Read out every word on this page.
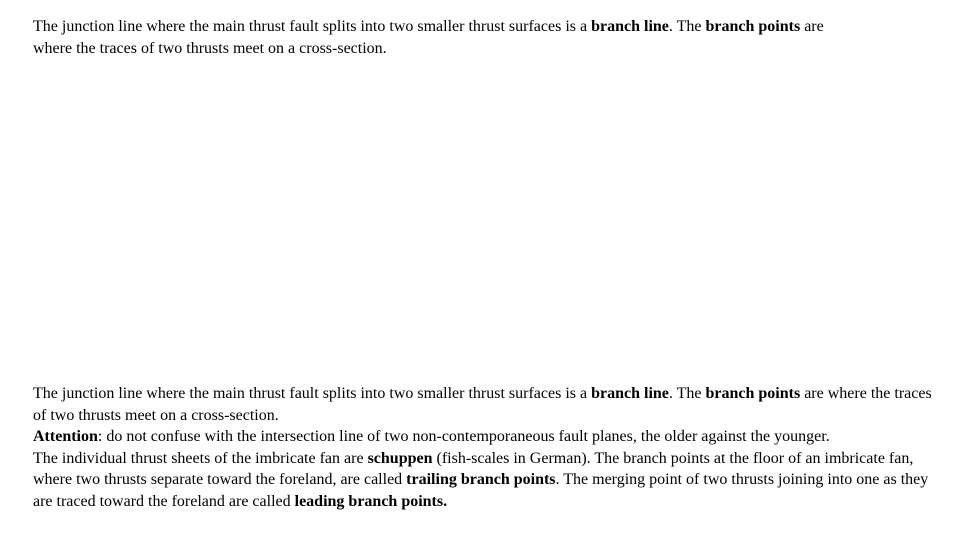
The junction line where the main thrust fault splits into two smaller thrust surfaces is a branch line. The branch points are where the traces of two thrusts meet on a cross-section.

The junction line where the main thrust fault splits into two smaller thrust surfaces is a branch line. The branch points are where the traces of two thrusts meet on a cross-section.

Attention: do not confuse with the intersection line of two non-contemporaneous fault planes, the older against the younger.

The individual thrust sheets of the imbricate fan are schuppen (fish-scales in German). The branch points at the floor of an imbricate fan, where two thrusts separate toward the foreland, are called trailing branch points. The merging point of two thrusts joining into one as they are traced toward the foreland are called leading branch points.
